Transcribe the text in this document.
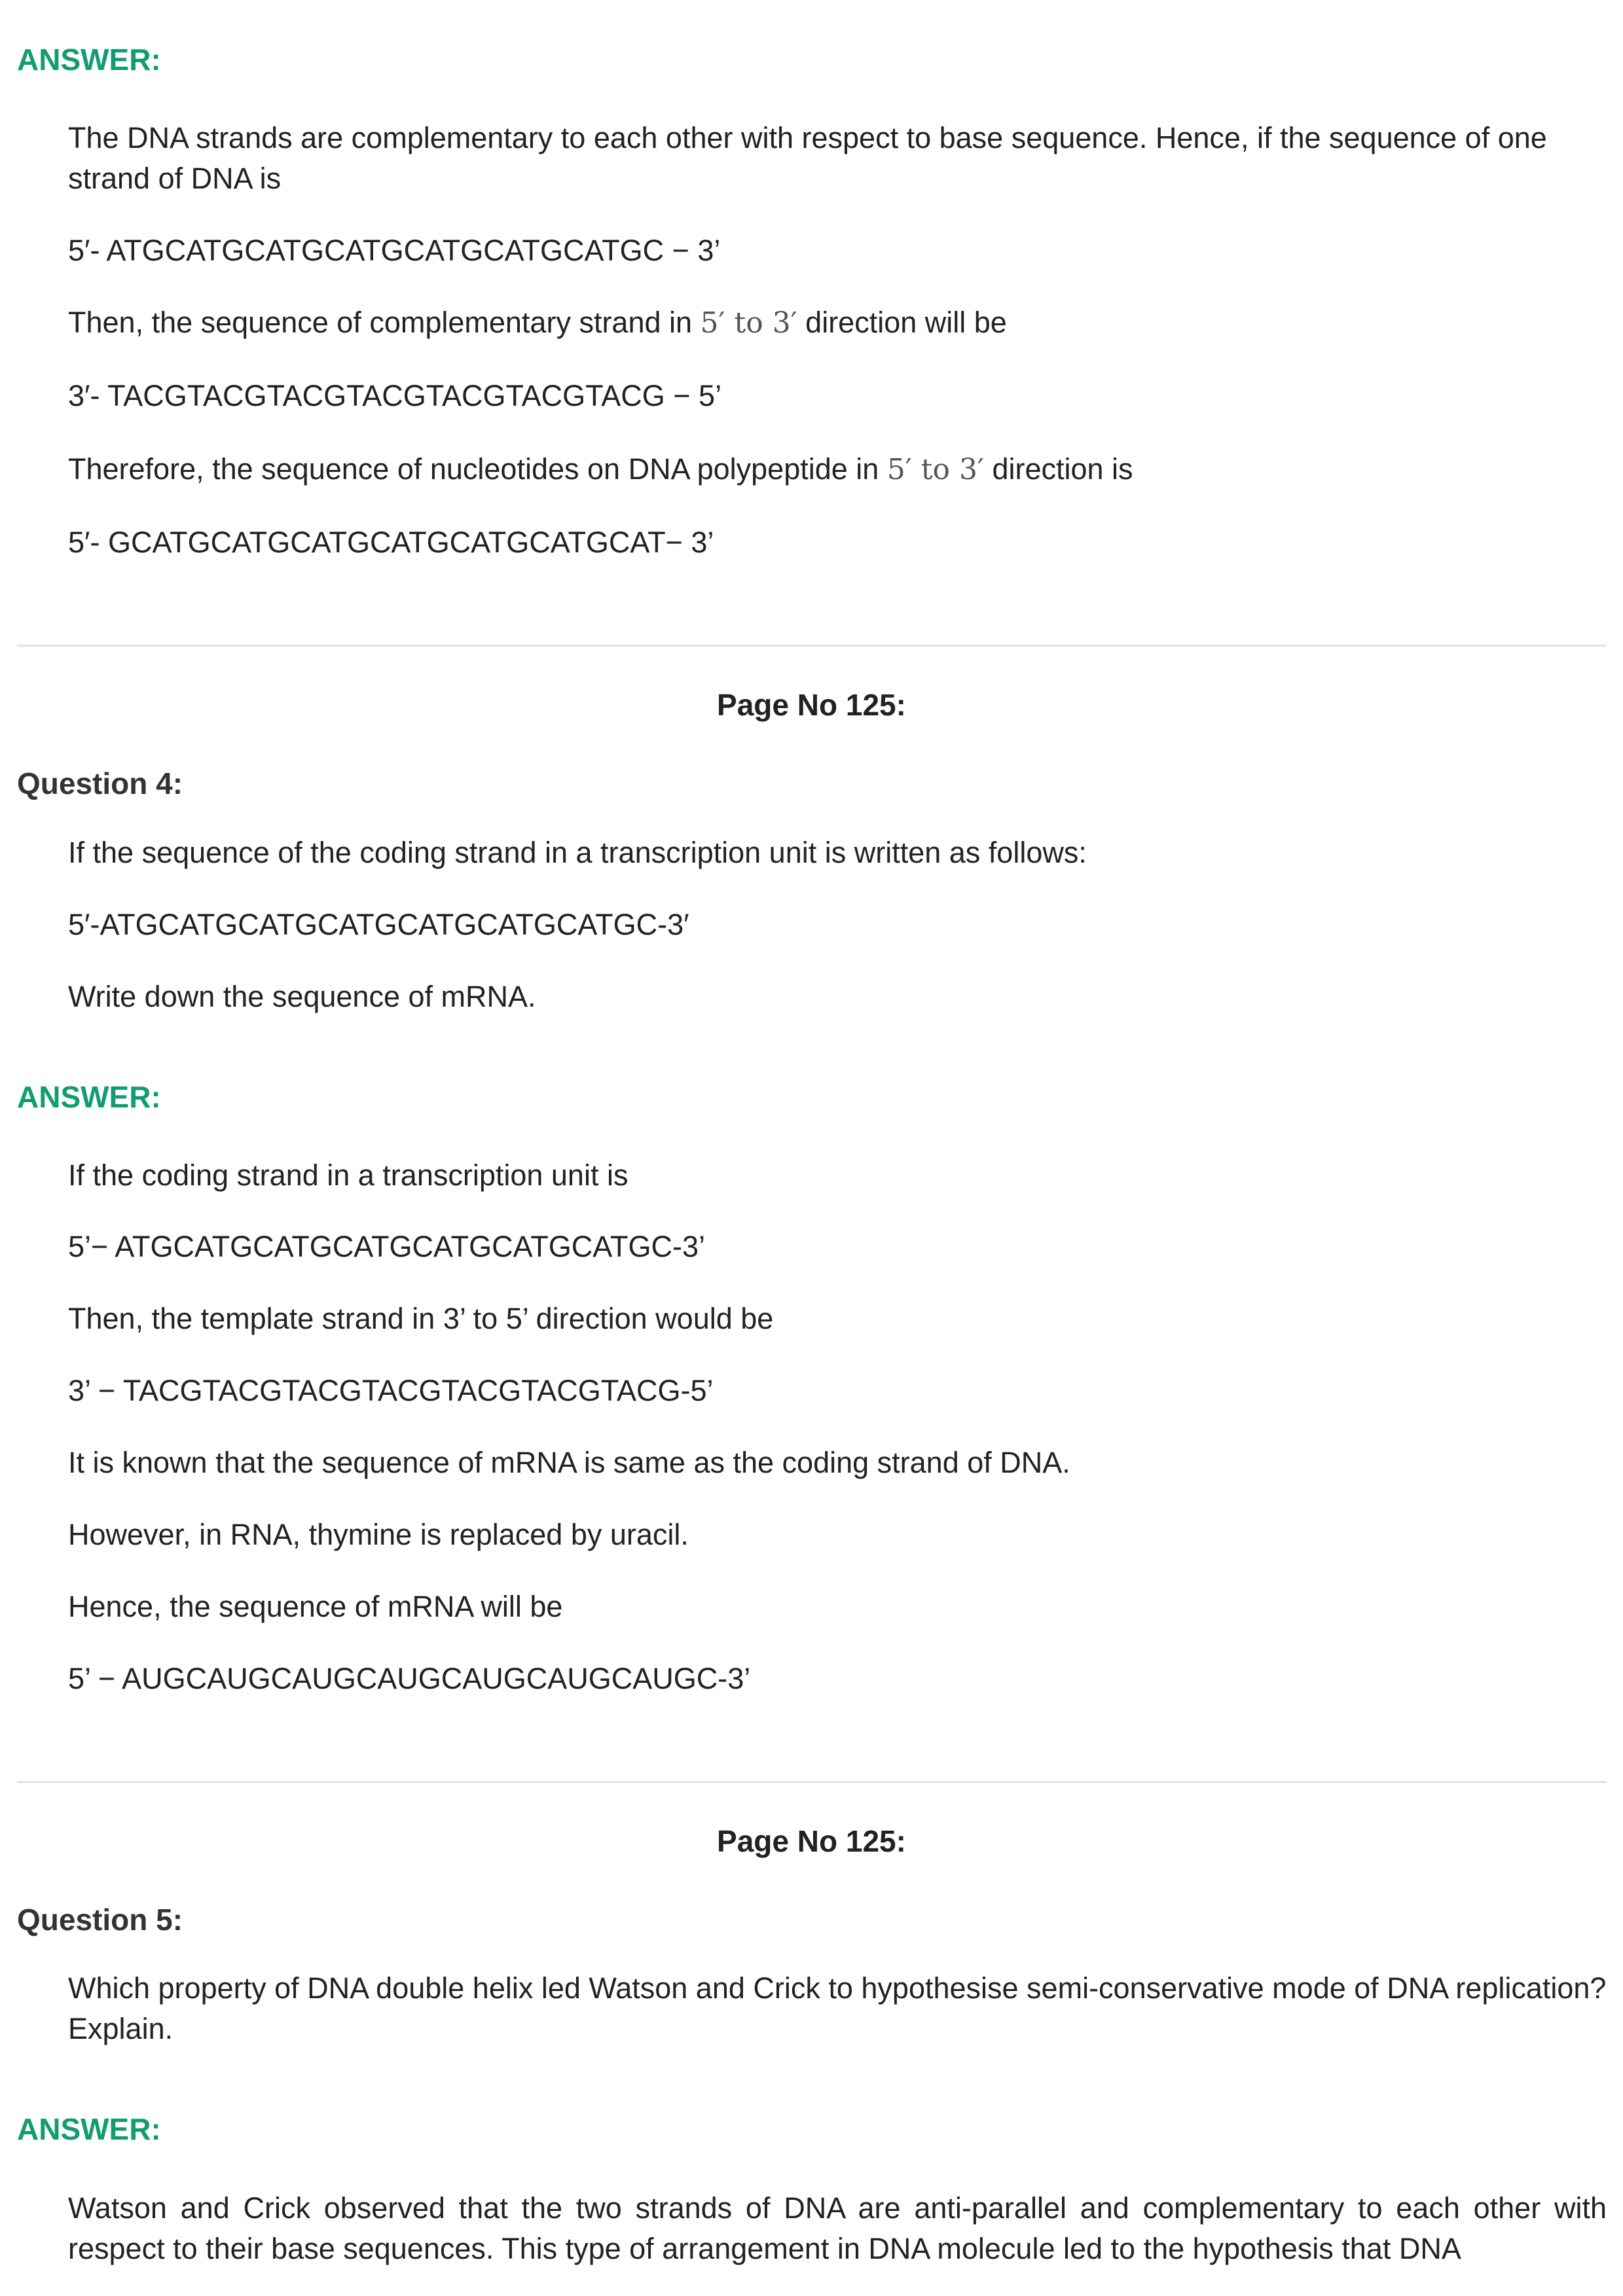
ANSWER:

The DNA strands are complementary to each other with respect to base sequence. Hence, if the sequence of one strand of DNA is

5′- ATGCATGCATGCATGCATGCATGCATGC − 3’

Then, the sequence of complementary strand in 5′ to 3′ direction will be

3′- TACGTACGTACGTACGTACGTACGTACG − 5’

Therefore, the sequence of nucleotides on DNA polypeptide in 5′ to 3′ direction is

5′- GCATGCATGCATGCATGCATGCATGCAT− 3’

Page No 125:
Question 4:

If the sequence of the coding strand in a transcription unit is written as follows:

5′-ATGCATGCATGCATGCATGCATGCATGC-3′

Write down the sequence of mRNA.

ANSWER:

If the coding strand in a transcription unit is

5’− ATGCATGCATGCATGCATGCATGCATGC-3’

Then, the template strand in 3’ to 5’ direction would be

3’ − TACGTACGTACGTACGTACGTACGTACG-5’

It is known that the sequence of mRNA is same as the coding strand of DNA.

However, in RNA, thymine is replaced by uracil.

Hence, the sequence of mRNA will be

5’ − AUGCAUGCAUGCAUGCAUGCAUGCAUGC-3’

Page No 125:
Question 5:

Which property of DNA double helix led Watson and Crick to hypothesise semi-conservative mode of DNA replication? Explain.

ANSWER:

Watson and Crick observed that the two strands of DNA are anti-parallel and complementary to each other with respect to their base sequences. This type of arrangement in DNA molecule led to the hypothesis that DNA
